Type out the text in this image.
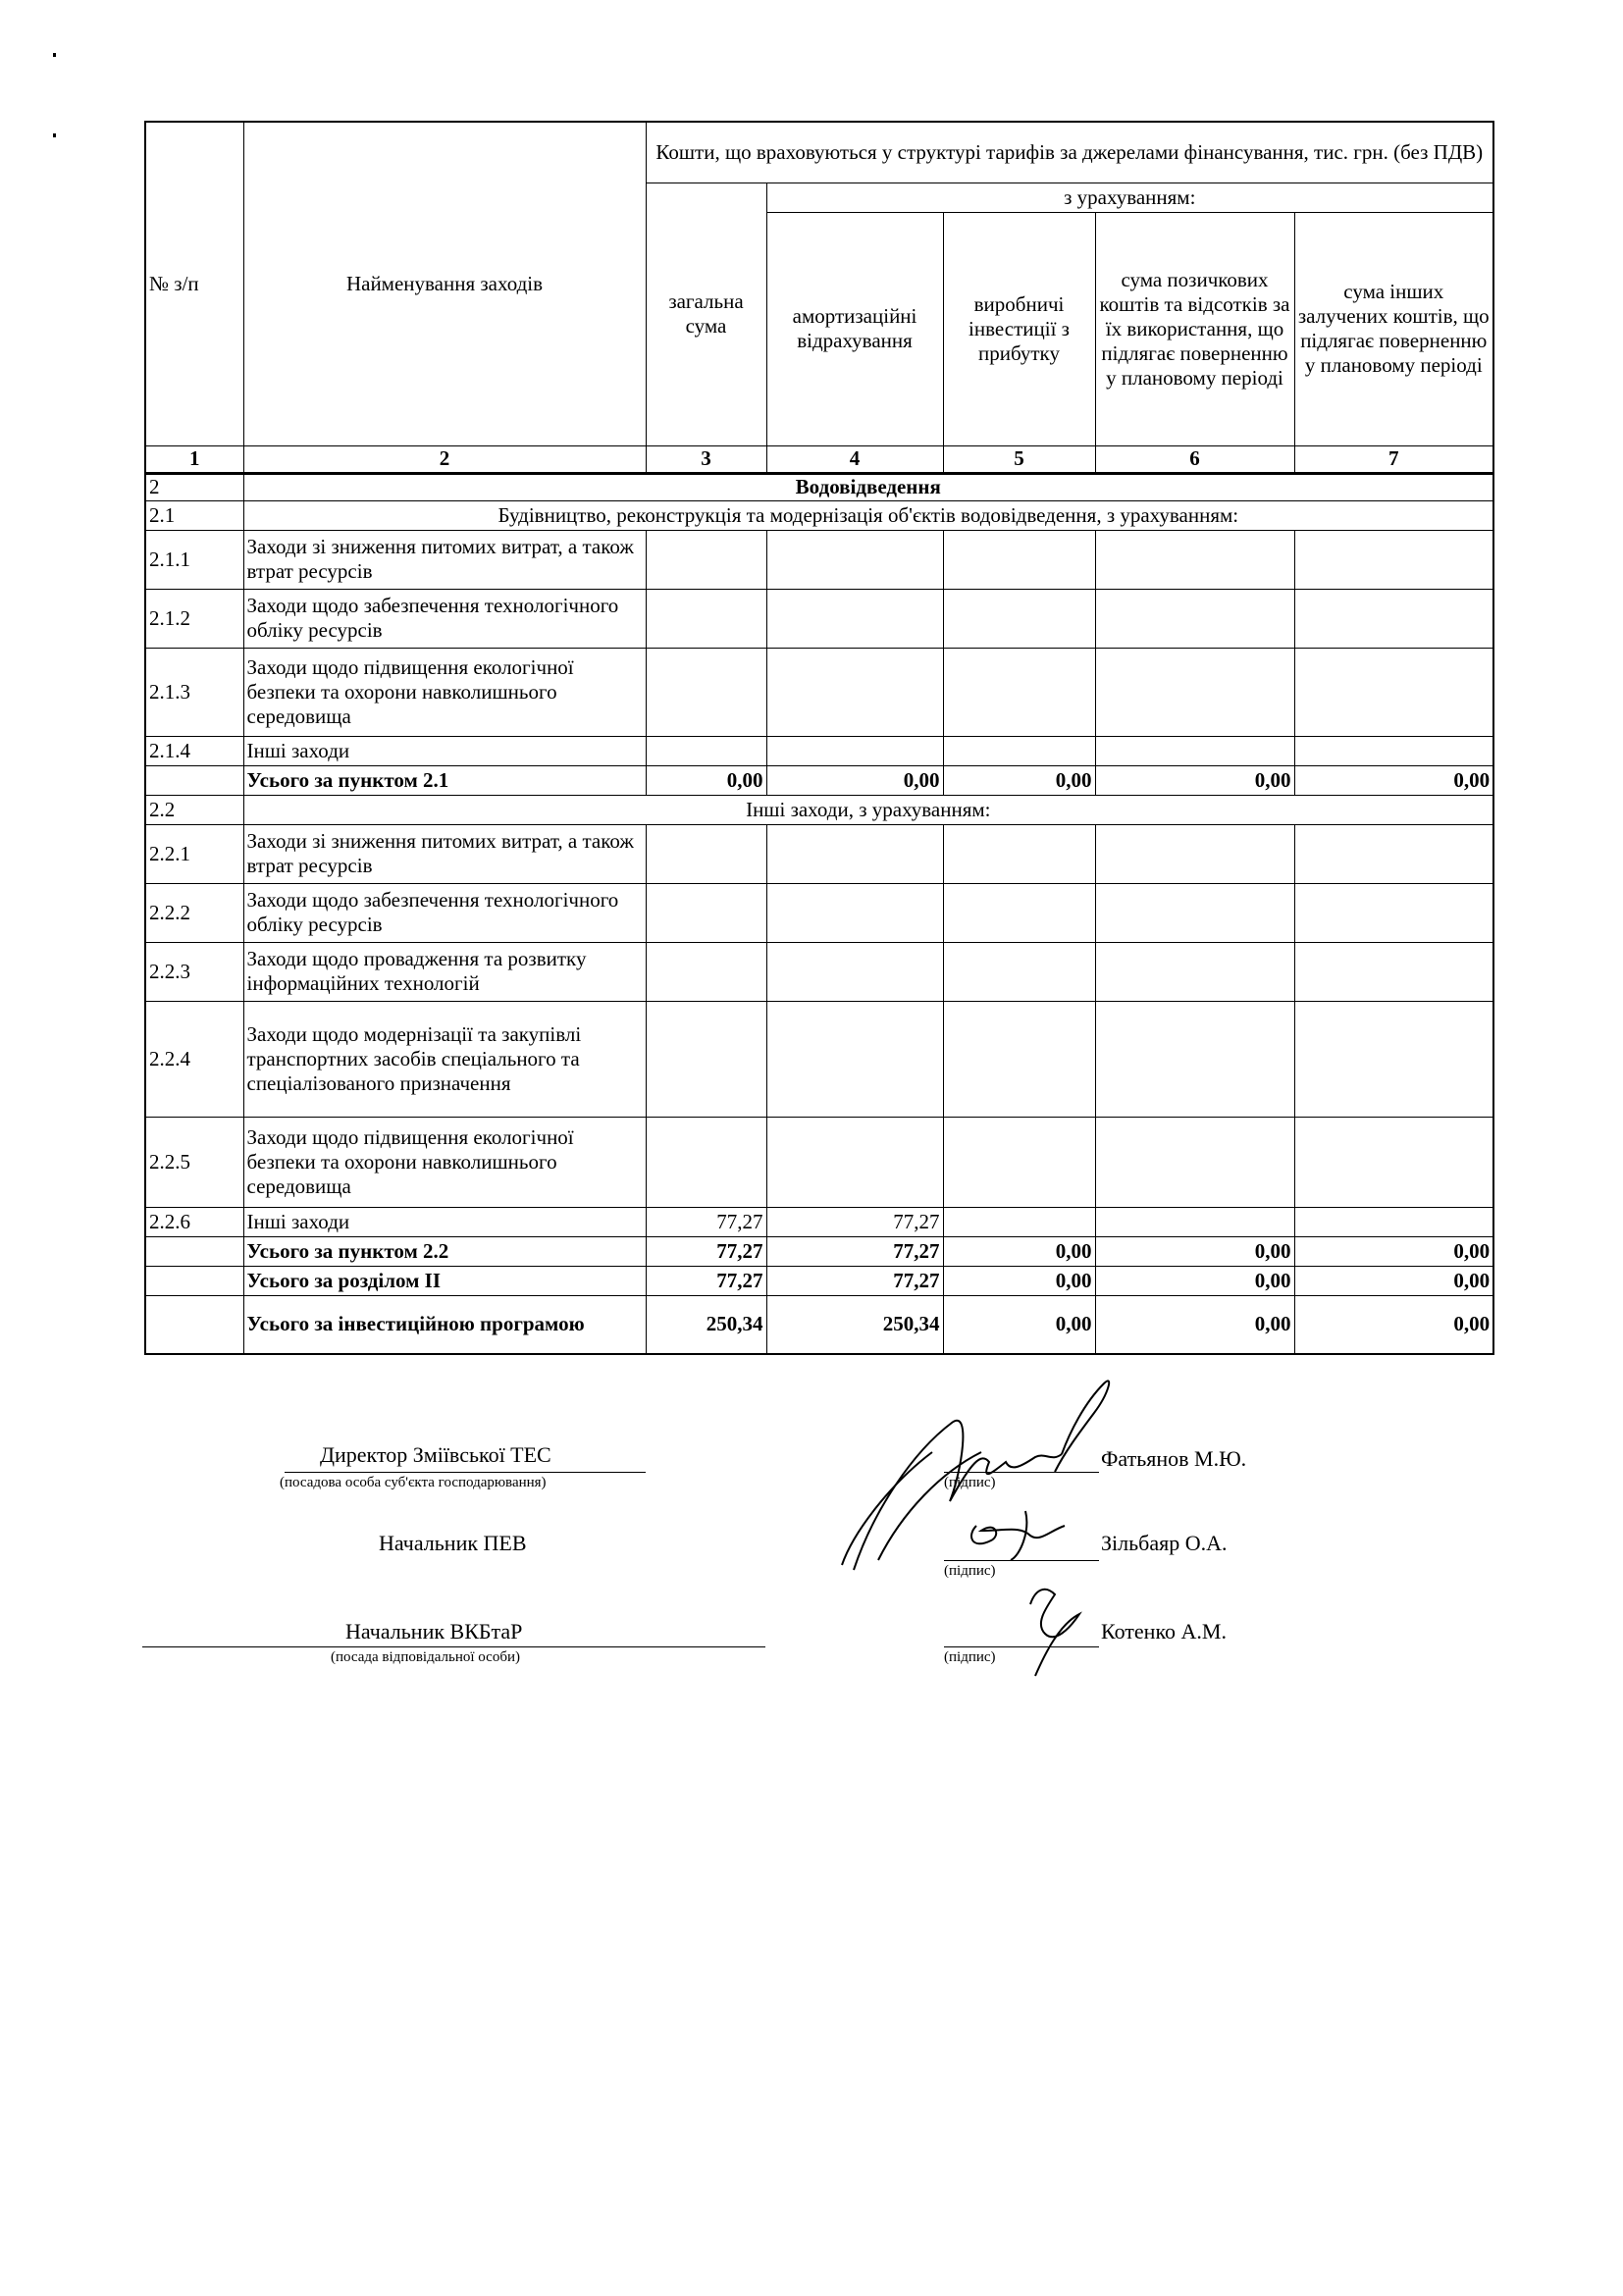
№ з/п	Найменування заходів	Кошти, що враховуються у структурі тарифів за джерелами фінансування, тис. грн. (без ПДВ)				
		загальна сума	з урахуванням:			
			амортизаційні відрахування	виробничі інвестиції з прибутку	сума позичкових коштів та відсотків за їх використання, що підлягає поверненню у плановому періоді	сума інших залучених коштів, що підлягає поверненню у плановому періоді
1	2	3	4	5	6	7
2	Водовідведення					
2.1	Будівництво, реконструкція та модернізація об'єктів водовідведення, з урахуванням:					
2.1.1	Заходи зі зниження питомих витрат, а також втрат ресурсів					
2.1.2	Заходи щодо забезпечення технологічного обліку ресурсів					
2.1.3	Заходи щодо підвищення екологічної безпеки та охорони навколишнього середовища					
2.1.4	Інші заходи					
	Усього за пунктом 2.1	0,00	0,00	0,00	0,00	0,00
2.2	Інші заходи, з урахуванням:					
2.2.1	Заходи зі зниження питомих витрат, а також втрат ресурсів					
2.2.2	Заходи щодо забезпечення технологічного обліку ресурсів					
2.2.3	Заходи щодо провадження та розвитку інформаційних технологій					
2.2.4	Заходи щодо модернізації та закупівлі транспортних засобів спеціального та спеціалізованого призначення					
2.2.5	Заходи щодо підвищення екологічної безпеки та охорони навколишнього середовища					
2.2.6	Інші заходи	77,27	77,27			
	Усього за пунктом 2.2	77,27	77,27	0,00	0,00	0,00
	Усього за розділом II	77,27	77,27	0,00	0,00	0,00
	Усього за інвестиційною програмою	250,34	250,34	0,00	0,00	0,00
Директор Зміївської ТЕС
(посадова особа суб'єкта господарювання)
Начальник ПЕВ
Начальник ВКБтаР
(посада відповідальної особи)
(підпис)
Фатьянов М.Ю.
(підпис)
Зільбаяр О.А.
(підпис)
Котенко А.М.
